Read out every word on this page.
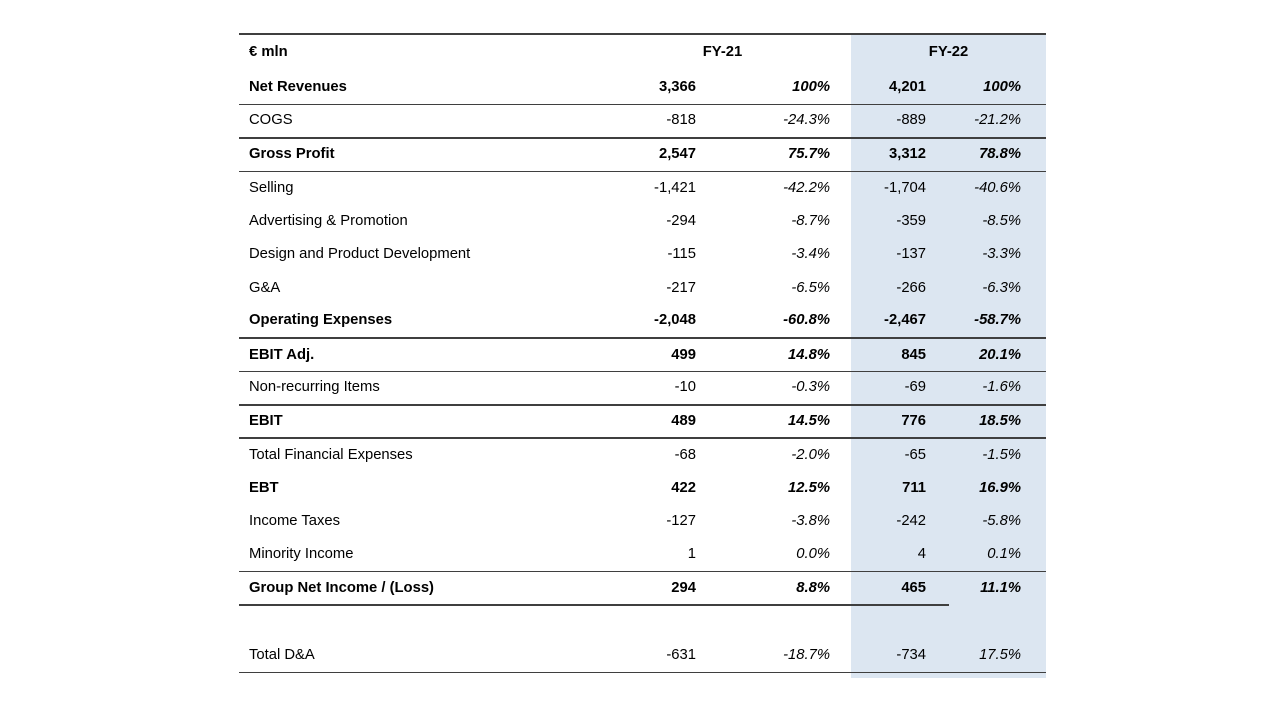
€ mln	FY-21		FY-22	
Net Revenues	3,366	100%	4,201	100%
COGS	-818	-24.3%	-889	-21.2%
Gross Profit	2,547	75.7%	3,312	78.8%
Selling	-1,421	-42.2%	-1,704	-40.6%
Advertising & Promotion	-294	-8.7%	-359	-8.5%
Design and Product Development	-115	-3.4%	-137	-3.3%
G&A	-217	-6.5%	-266	-6.3%
Operating Expenses	-2,048	-60.8%	-2,467	-58.7%
EBIT Adj.	499	14.8%	845	20.1%
Non-recurring Items	-10	-0.3%	-69	-1.6%
EBIT	489	14.5%	776	18.5%
Total Financial Expenses	-68	-2.0%	-65	-1.5%
EBT	422	12.5%	711	16.9%
Income Taxes	-127	-3.8%	-242	-5.8%
Minority Income	1	0.0%	4	0.1%
Group Net Income / (Loss)	294	8.8%	465	11.1%

Total D&A	-631	-18.7%	-734	17.5%
